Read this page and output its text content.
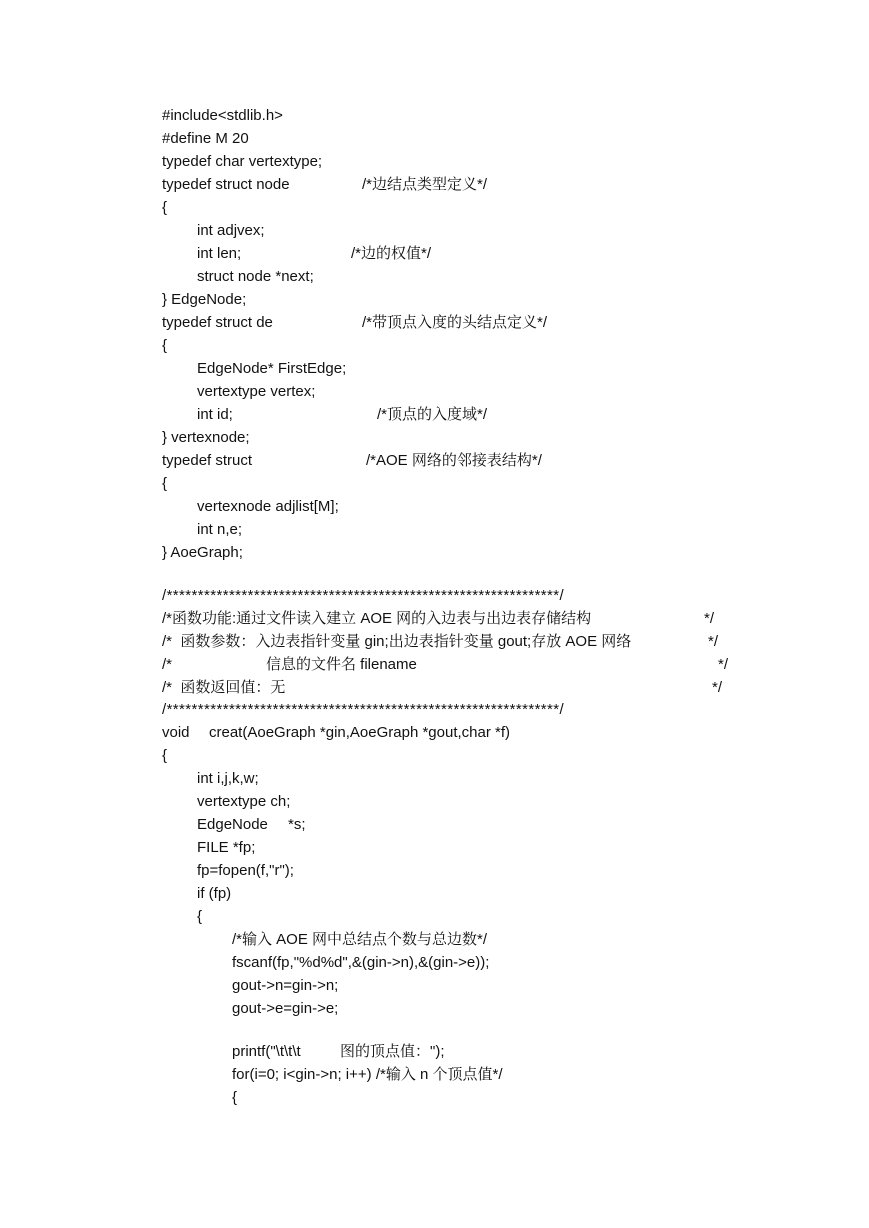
#include<stdlib.h>

#define M 20

typedef char vertextype;

typedef struct node

	/*边结点类型定义*/

{

int adjvex;

int len;

	/*边的权值*/

struct node *next;

} EdgeNode;

typedef struct de

	/*带顶点入度的头结点定义*/

{

EdgeNode* FirstEdge;

vertextype vertex;

int id;

	/*顶点的入度域*/

} vertexnode;

typedef struct

	/*AOE 网络的邻接表结构*/

{

vertexnode adjlist[M];

int n,e;

} AoeGraph;

/***************************************************************/

/*函数功能:通过文件读入建立 AOE 网的入边表与出边表存储结构

	*/

/*  函数参数：入边表指针变量 gin;出边表指针变量 gout;存放 AOE 网络

	*/

/*

	信息的文件名 filename

	*/

/*  函数返回值：无

	*/

/***************************************************************/

void

creat(AoeGraph *gin,AoeGraph *gout,char *f)

{

int i,j,k,w;

vertextype ch;

EdgeNode

*s;

FILE *fp;

fp=fopen(f,"r");

if (fp)

{

/*输入 AOE 网中总结点个数与总边数*/

fscanf(fp,"%d%d",&(gin->n),&(gin->e));

gout->n=gin->n;

gout->e=gin->e;

printf("\t\t\t

	图的顶点值：");

for(i=0; i<gin->n; i++) /*输入 n 个顶点值*/

{
